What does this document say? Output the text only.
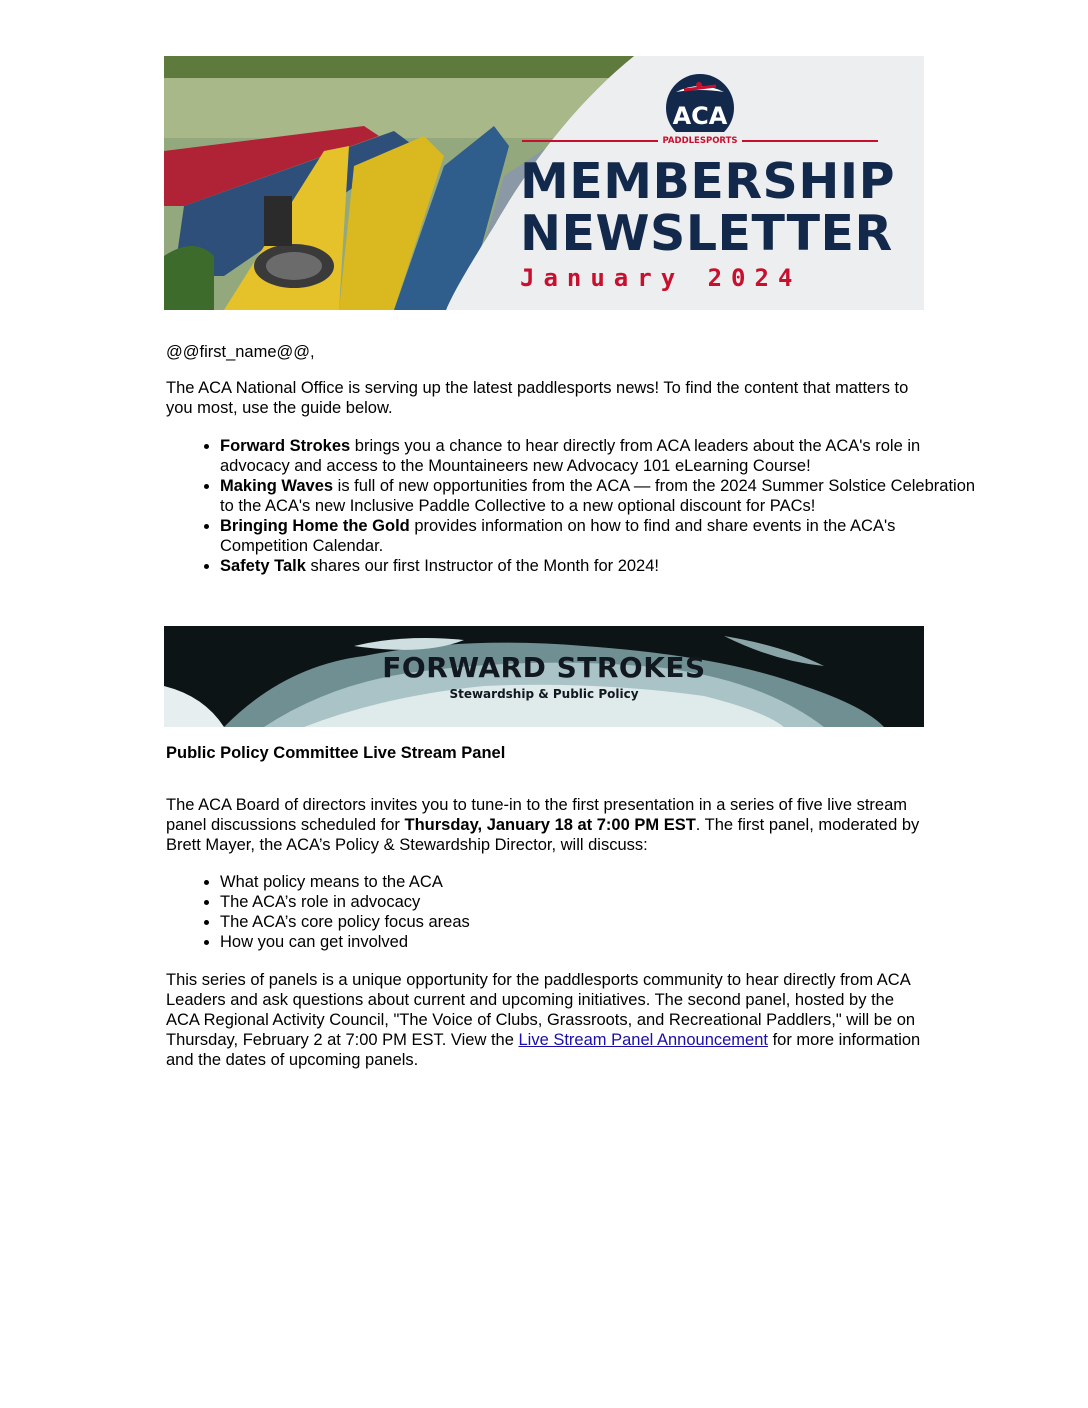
ACA
PADDLESPORTS
MEMBERSHIP
NEWSLETTER
January 2024
@@first_name@@,
The ACA National Office is serving up the latest paddlesports news! To find the content that matters to you most, use the guide below.
• Forward Strokes brings you a chance to hear directly from ACA leaders about the ACA's role in advocacy and access to the Mountaineers new Advocacy 101 eLearning Course!
• Making Waves is full of new opportunities from the ACA — from the 2024 Summer Solstice Celebration to the ACA's new Inclusive Paddle Collective to a new optional discount for PACs!
• Bringing Home the Gold provides information on how to find and share events in the ACA's Competition Calendar.
• Safety Talk shares our first Instructor of the Month for 2024!
FORWARD STROKES
Stewardship & Public Policy
Public Policy Committee Live Stream Panel
The ACA Board of directors invites you to tune-in to the first presentation in a series of five live stream panel discussions scheduled for Thursday, January 18 at 7:00 PM EST. The first panel, moderated by Brett Mayer, the ACA’s Policy & Stewardship Director, will discuss:
• What policy means to the ACA
• The ACA’s role in advocacy
• The ACA’s core policy focus areas
• How you can get involved
This series of panels is a unique opportunity for the paddlesports community to hear directly from ACA Leaders and ask questions about current and upcoming initiatives. The second panel, hosted by the ACA Regional Activity Council, "The Voice of Clubs, Grassroots, and Recreational Paddlers," will be on Thursday, February 2 at 7:00 PM EST. View the Live Stream Panel Announcement for more information and the dates of upcoming panels.
